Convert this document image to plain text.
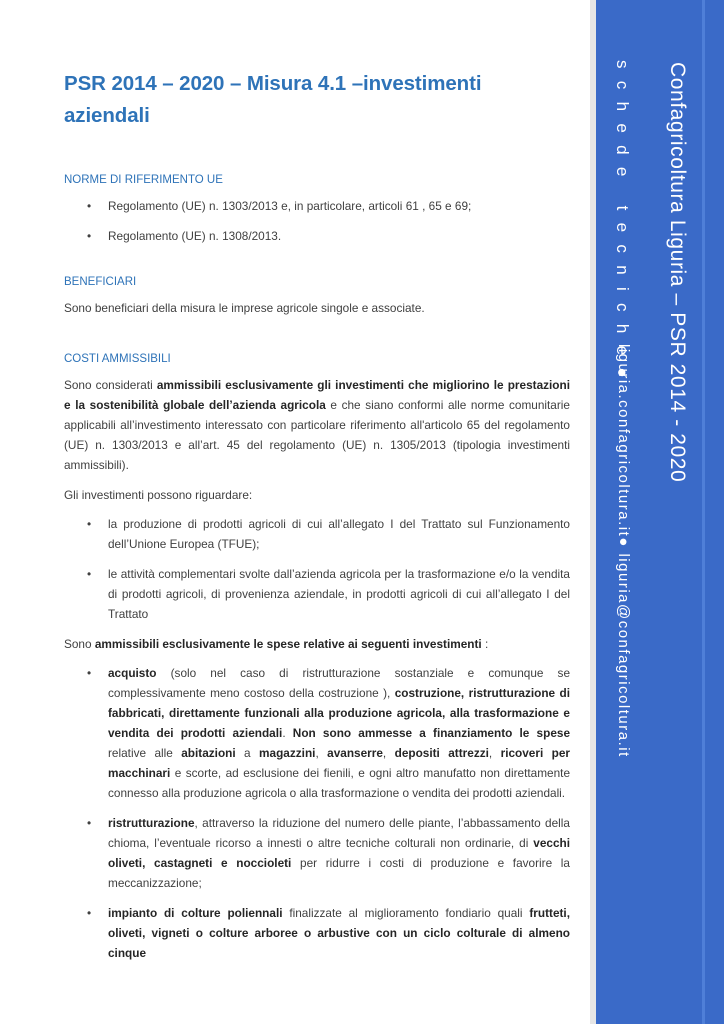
Confagricoltura Liguria – PSR 2014 - 2020
schede tecniche●
liguria.confagricoltura.it● liguria@confagricoltura.it
PSR 2014 – 2020 – Misura 4.1 –investimenti aziendali
NORME DI RIFERIMENTO UE
• Regolamento (UE) n. 1303/2013 e, in particolare, articoli 61 , 65 e 69;
• Regolamento (UE) n. 1308/2013.
BENEFICIARI

Sono beneficiari della misura le imprese agricole singole e associate.

COSTI AMMISSIBILI

Sono considerati ammissibili esclusivamente gli investimenti che migliorino le prestazioni e la sostenibilità globale dell’azienda agricola e che siano conformi alle norme comunitarie applicabili all’investimento interessato con particolare riferimento all'articolo 65 del regolamento (UE) n. 1303/2013 e all’art. 45 del regolamento (UE) n. 1305/2013 (tipologia investimenti ammissibili).

Gli investimenti possono riguardare:

• la produzione di prodotti agricoli di cui all’allegato I del Trattato sul Funzionamento dell’Unione Europea (TFUE);
• le attività complementari svolte dall’azienda agricola per la trasformazione e/o la vendita di prodotti agricoli, di provenienza aziendale, in prodotti agricoli di cui all’allegato I del Trattato

Sono ammissibili esclusivamente le spese relative ai seguenti investimenti :

• acquisto (solo nel caso di ristrutturazione sostanziale e comunque se complessivamente meno costoso della costruzione ), costruzione, ristrutturazione di fabbricati, direttamente funzionali alla produzione agricola, alla trasformazione e vendita dei prodotti aziendali. Non sono ammesse a finanziamento le spese relative alle abitazioni a magazzini, avanserre, depositi attrezzi, ricoveri per macchinari e scorte, ad esclusione dei fienili, e ogni altro manufatto non direttamente connesso alla produzione agricola o alla trasformazione o vendita dei prodotti aziendali.
• ristrutturazione, attraverso la riduzione del numero delle piante, l’abbassamento della chioma, l’eventuale ricorso a innesti o altre tecniche colturali non ordinarie, di vecchi oliveti, castagneti e noccioleti per ridurre i costi di produzione e favorire la meccanizzazione;
• impianto di colture poliennali finalizzate al miglioramento fondiario quali frutteti, oliveti, vigneti o colture arboree o arbustive con un ciclo colturale di almeno cinque
